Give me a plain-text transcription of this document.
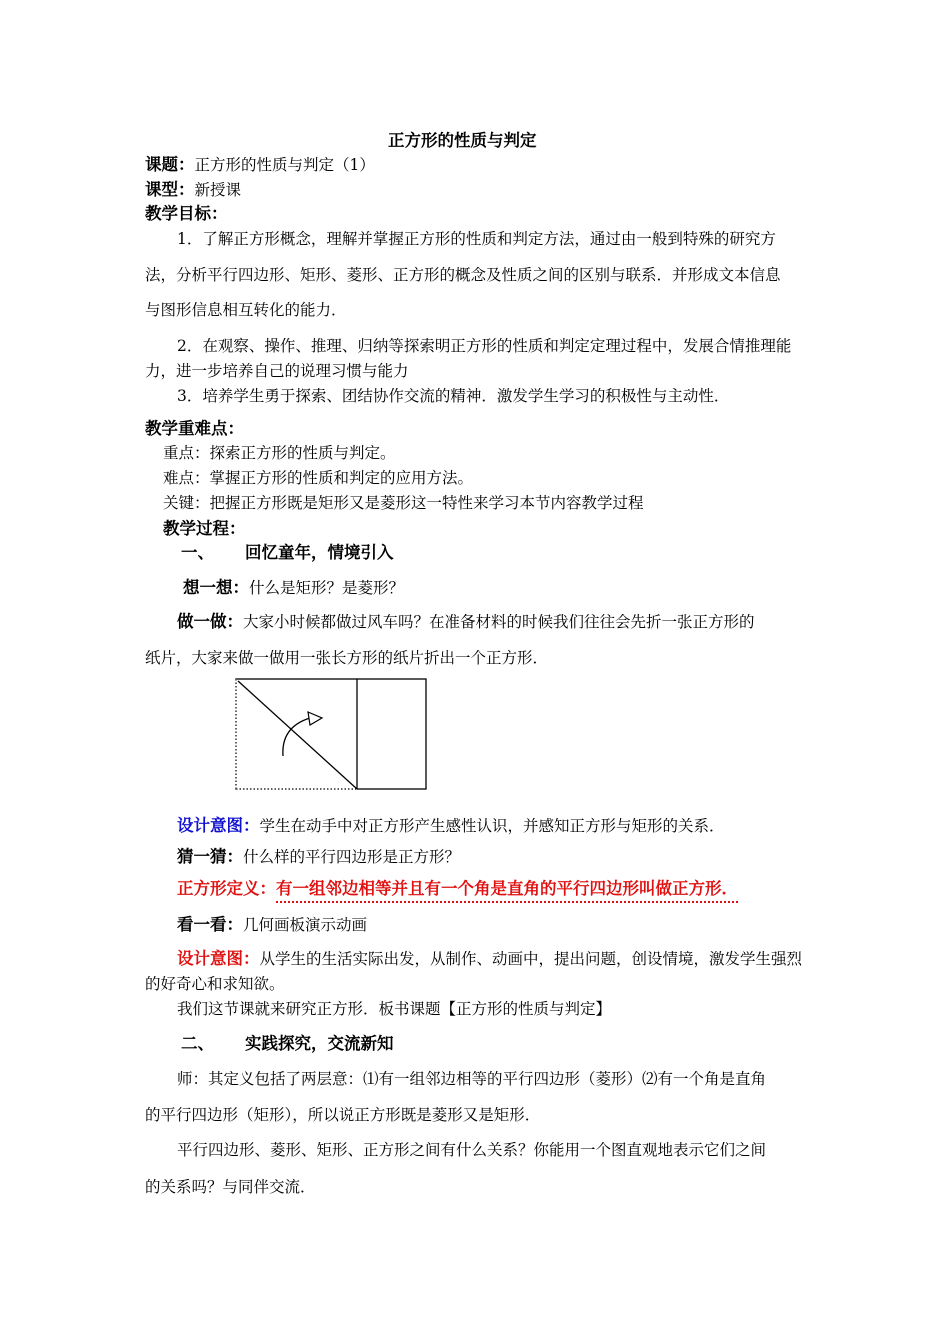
正方形的性质与判定
课题：正方形的性质与判定（1）
课型：新授课
教学目标：
1．了解正方形概念，理解并掌握正方形的性质和判定方法，通过由一般到特殊的研究方
法，分析平行四边形、矩形、菱形、正方形的概念及性质之间的区别与联系．并形成文本信息
与图形信息相互转化的能力．
2．在观察、操作、推理、归纳等探索明正方形的性质和判定定理过程中，发展合情推理能
力，进一步培养自己的说理习惯与能力
3．培养学生勇于探索、团结协作交流的精神．激发学生学习的积极性与主动性．
教学重难点：
重点：探索正方形的性质与判定。
难点：掌握正方形的性质和判定的应用方法。
关键：把握正方形既是矩形又是菱形这一特性来学习本节内容教学过程
教学过程：
一、 回忆童年，情境引入
想一想：什么是矩形？是菱形？
做一做：大家小时候都做过风车吗？在准备材料的时候我们往往会先折一张正方形的
纸片，大家来做一做用一张长方形的纸片折出一个正方形．
设计意图：学生在动手中对正方形产生感性认识，并感知正方形与矩形的关系．
猜一猜：什么样的平行四边形是正方形？
正方形定义：有一组邻边相等并且有一个角是直角的平行四边形叫做正方形．
看一看：几何画板演示动画
设计意图：从学生的生活实际出发，从制作、动画中，提出问题，创设情境，激发学生强烈
的好奇心和求知欲。
我们这节课就来研究正方形．板书课题【正方形的性质与判定】
二、 实践探究，交流新知
师：其定义包括了两层意：⑴有一组邻边相等的平行四边形（菱形）⑵有一个角是直角
的平行四边形（矩形），所以说正方形既是菱形又是矩形．
平行四边形、菱形、矩形、正方形之间有什么关系？你能用一个图直观地表示它们之间
的关系吗？与同伴交流．
